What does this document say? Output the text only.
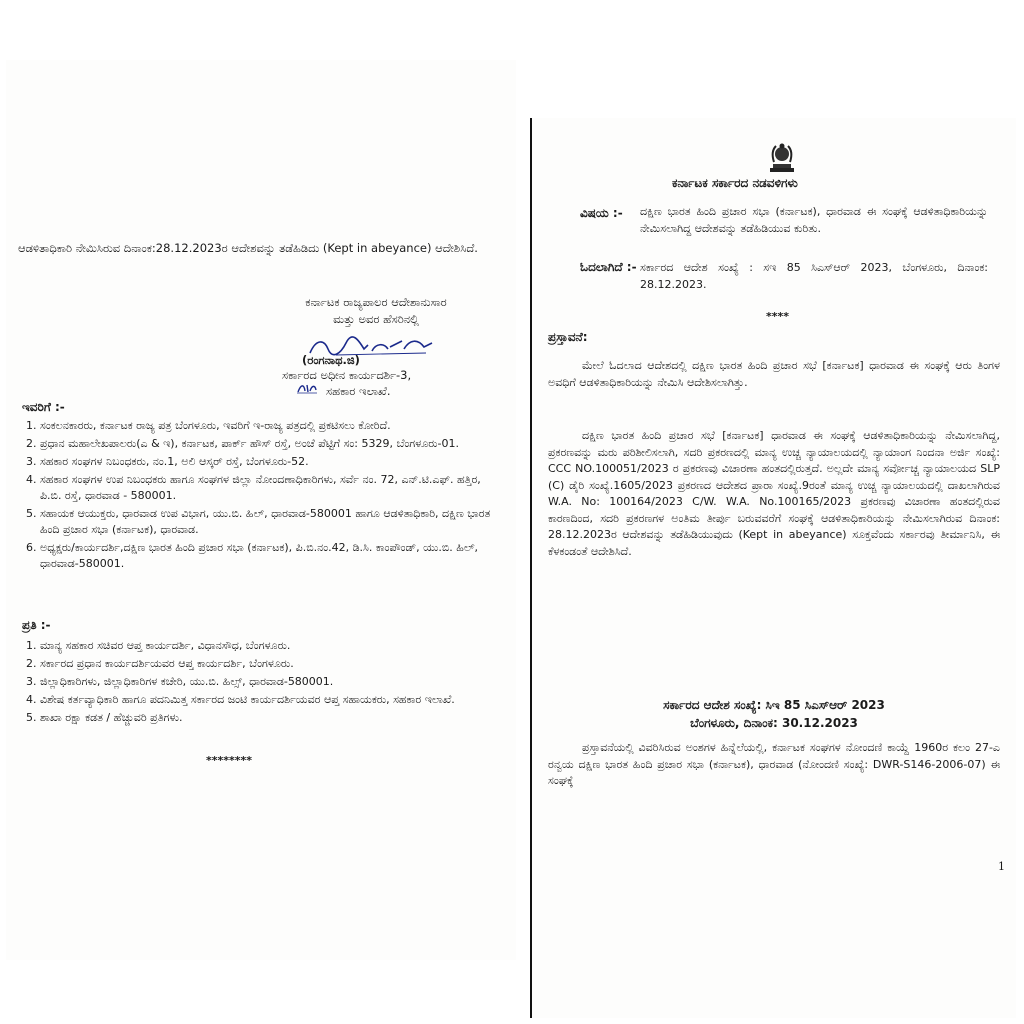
ಆಡಳಿತಾಧಿಕಾರಿ ನೇಮಿಸಿರುವ ದಿನಾಂಕ:28.12.2023ರ ಆದೇಶವನ್ನು ತಡೆಹಿಡಿದು (Kept in abeyance) ಆದೇಶಿಸಿದೆ.
ಕರ್ನಾಟಕ ರಾಜ್ಯಪಾಲರ ಆದೇಶಾನುಸಾರ
ಮತ್ತು ಅವರ ಹೆಸರಿನಲ್ಲಿ
(ರಂಗನಾಥ.ಜಿ)
ಸರ್ಕಾರದ ಅಧೀನ ಕಾರ್ಯದರ್ಶಿ-3,
ಸಹಕಾರ ಇಲಾಖೆ.
ಇವರಿಗೆ :-
1. ಸಂಕಲನಕಾರರು, ಕರ್ನಾಟಕ ರಾಜ್ಯ ಪತ್ರ ಬೆಂಗಳೂರು, ಇವರಿಗೆ ಇ-ರಾಜ್ಯ ಪತ್ರದಲ್ಲಿ ಪ್ರಕಟಿಸಲು ಕೋರಿದೆ.
2. ಪ್ರಧಾನ ಮಹಾಲೇಖಪಾಲರು(ಎ & ಇ), ಕರ್ನಾಟಕ, ಪಾರ್ಕ್ ಹೌಸ್ ರಸ್ತೆ, ಅಂಚೆ ಪೆಟ್ಟಿಗೆ ಸಂ: 5329, ಬೆಂಗಳೂರು-01.
3. ಸಹಕಾರ ಸಂಘಗಳ ನಿಬಂಧಕರು, ನಂ.1, ಅಲಿ ಆಸ್ಕರ್ ರಸ್ತೆ, ಬೆಂಗಳೂರು-52.
4. ಸಹಕಾರ ಸಂಘಗಳ ಉಪ ನಿಬಂಧಕರು ಹಾಗೂ ಸಂಘಗಳ ಜಿಲ್ಲಾ ನೋಂದಣಾಧಿಕಾರಿಗಳು, ಸರ್ವೆ ನಂ. 72, ಎನ್.ಟಿ.ಎಫ್. ಹತ್ತಿರ, ಪಿ.ಬಿ. ರಸ್ತೆ, ಧಾರವಾಡ - 580001.
5. ಸಹಾಯಕ ಆಯುಕ್ತರು, ಧಾರವಾಡ ಉಪ ವಿಭಾಗ, ಯು.ಬಿ. ಹಿಲ್, ಧಾರವಾಡ-580001 ಹಾಗೂ ಆಡಳಿತಾಧಿಕಾರಿ, ದಕ್ಷಿಣ ಭಾರತ ಹಿಂದಿ ಪ್ರಚಾರ ಸಭಾ (ಕರ್ನಾಟಕ), ಧಾರವಾಡ.
6. ಅಧ್ಯಕ್ಷರು/ಕಾರ್ಯದರ್ಶಿ,ದಕ್ಷಿಣ ಭಾರತ ಹಿಂದಿ ಪ್ರಚಾರ ಸಭಾ (ಕರ್ನಾಟಕ), ಪಿ.ಬಿ.ನಂ.42, ಡಿ.ಸಿ. ಕಾಂಪೌಂಡ್, ಯು.ಬಿ. ಹಿಲ್, ಧಾರವಾಡ-580001.
ಪ್ರತಿ :-
1. ಮಾನ್ಯ ಸಹಕಾರ ಸಚಿವರ ಆಪ್ತ ಕಾರ್ಯದರ್ಶಿ, ವಿಧಾನಸೌಧ, ಬೆಂಗಳೂರು.
2. ಸರ್ಕಾರದ ಪ್ರಧಾನ ಕಾರ್ಯದರ್ಶಿಯವರ ಆಪ್ತ ಕಾರ್ಯದರ್ಶಿ, ಬೆಂಗಳೂರು.
3. ಜಿಲ್ಲಾಧಿಕಾರಿಗಳು, ಜಿಲ್ಲಾಧಿಕಾರಿಗಳ ಕಚೇರಿ, ಯು.ಬಿ. ಹಿಲ್ಸ್, ಧಾರವಾಡ-580001.
4. ವಿಶೇಷ ಕರ್ತವ್ಯಾಧಿಕಾರಿ ಹಾಗೂ ಪದನಿಮಿತ್ತ ಸರ್ಕಾರದ ಜಂಟಿ ಕಾರ್ಯದರ್ಶಿಯವರ ಆಪ್ತ ಸಹಾಯಕರು, ಸಹಕಾರ ಇಲಾಖೆ.
5. ಶಾಖಾ ರಕ್ಷಾ ಕಡತ / ಹೆಚ್ಚುವರಿ ಪ್ರತಿಗಳು.
********
ಕರ್ನಾಟಕ ಸರ್ಕಾರದ ನಡವಳಿಗಳು
ವಿಷಯ :- ದಕ್ಷಿಣ ಭಾರತ ಹಿಂದಿ ಪ್ರಚಾರ ಸಭಾ (ಕರ್ನಾಟಕ), ಧಾರವಾಡ ಈ ಸಂಘಕ್ಕೆ ಆಡಳಿತಾಧಿಕಾರಿಯನ್ನು ನೇಮಿಸಲಾಗಿದ್ದ ಆದೇಶವನ್ನು ತಡೆಹಿಡಿಯುವ ಕುರಿತು.
ಓದಲಾಗಿದೆ :- ಸರ್ಕಾರದ ಆದೇಶ ಸಂಖ್ಯೆ : ಸಇ 85 ಸಿಎಸ್‌ಆರ್ 2023, ಬೆಂಗಳೂರು, ದಿನಾಂಕ: 28.12.2023.
****
ಪ್ರಸ್ತಾವನೆ:
ಮೇಲೆ ಓದಲಾದ ಆದೇಶದಲ್ಲಿ ದಕ್ಷಿಣ ಭಾರತ ಹಿಂದಿ ಪ್ರಚಾರ ಸಭೆ [ಕರ್ನಾಟಕ] ಧಾರವಾಡ ಈ ಸಂಘಕ್ಕೆ ಆರು ತಿಂಗಳ ಅವಧಿಗೆ ಆಡಳಿತಾಧಿಕಾರಿಯನ್ನು ನೇಮಿಸಿ ಆದೇಶಿಸಲಾಗಿತ್ತು.
ದಕ್ಷಿಣ ಭಾರತ ಹಿಂದಿ ಪ್ರಚಾರ ಸಭೆ [ಕರ್ನಾಟಕ] ಧಾರವಾಡ ಈ ಸಂಘಕ್ಕೆ ಆಡಳಿತಾಧಿಕಾರಿಯನ್ನು ನೇಮಿಸಲಾಗಿದ್ದ, ಪ್ರಕರಣವನ್ನು ಮರು ಪರಿಶೀಲಿಸಲಾಗಿ, ಸದರಿ ಪ್ರಕರಣದಲ್ಲಿ ಮಾನ್ಯ ಉಚ್ಚ ನ್ಯಾಯಾಲಯದಲ್ಲಿ ನ್ಯಾಯಾಂಗ ನಿಂದನಾ ಅರ್ಜಿ ಸಂಖ್ಯೆ: CCC NO.100051/2023 ರ ಪ್ರಕರಣವು ವಿಚಾರಣಾ ಹಂತದಲ್ಲಿರುತ್ತದೆ. ಅಲ್ಲದೇ ಮಾನ್ಯ ಸರ್ವೋಚ್ಚ ನ್ಯಾಯಾಲಯದ SLP (C) ಡೈರಿ ಸಂಖ್ಯೆ.1605/2023 ಪ್ರಕರಣದ ಆದೇಶದ ಪ್ರಾರಾ ಸಂಖ್ಯೆ.9ರಂತೆ ಮಾನ್ಯ ಉಚ್ಚ ನ್ಯಾಯಾಲಯದಲ್ಲಿ ದಾಖಲಾಗಿರುವ W.A. No: 100164/2023 C/W. W.A. No.100165/2023 ಪ್ರಕರಣವು ವಿಚಾರಣಾ ಹಂತದಲ್ಲಿರುವ ಕಾರಣದಿಂದ, ಸದರಿ ಪ್ರಕರಣಗಳ ಅಂತಿಮ ತೀರ್ಪು ಬರುವವರೆಗೆ ಸಂಘಕ್ಕೆ ಆಡಳಿತಾಧಿಕಾರಿಯನ್ನು ನೇಮಿಸಲಾಗಿರುವ ದಿನಾಂಕ: 28.12.2023ರ ಆದೇಶವನ್ನು ತಡೆಹಿಡಿಯುವುದು (Kept in abeyance) ಸೂಕ್ತವೆಂದು ಸರ್ಕಾರವು ತೀರ್ಮಾನಿಸಿ, ಈ ಕೆಳಕಂಡಂತೆ ಆದೇಶಿಸಿದೆ.
ಸರ್ಕಾರದ ಆದೇಶ ಸಂಖ್ಯೆ: ಸಿಇ 85 ಸಿಎಸ್‌ಆರ್ 2023
ಬೆಂಗಳೂರು, ದಿನಾಂಕ: 30.12.2023
ಪ್ರಸ್ತಾವನೆಯಲ್ಲಿ ವಿವರಿಸಿರುವ ಅಂಶಗಳ ಹಿನ್ನೆಲೆಯಲ್ಲಿ, ಕರ್ನಾಟಕ ಸಂಘಗಳ ನೋಂದಣಿ ಕಾಯ್ದೆ 1960ರ ಕಲಂ 27-ಎ ರನ್ವಯ ದಕ್ಷಿಣ ಭಾರತ ಹಿಂದಿ ಪ್ರಚಾರ ಸಭಾ (ಕರ್ನಾಟಕ), ಧಾರವಾಡ (ನೋಂದಣಿ ಸಂಖ್ಯೆ: DWR-S146-2006-07) ಈ ಸಂಘಕ್ಕೆ
1
